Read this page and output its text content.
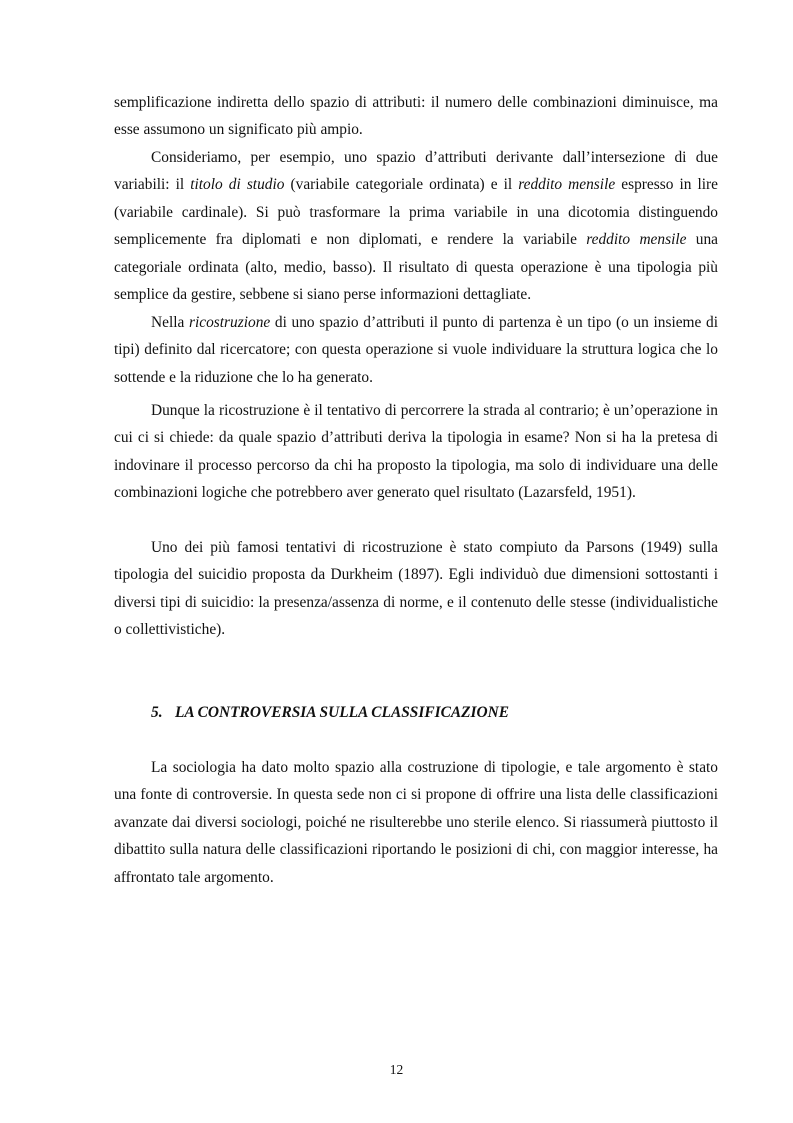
semplificazione indiretta dello spazio di attributi: il numero delle combinazioni diminuisce, ma esse assumono un significato più ampio.

Consideriamo, per esempio, uno spazio d’attributi derivante dall’intersezione di due variabili: il titolo di studio (variabile categoriale ordinata) e il reddito mensile espresso in lire (variabile cardinale). Si può trasformare la prima variabile in una dicotomia distinguendo semplicemente fra diplomati e non diplomati, e rendere la variabile reddito mensile una categoriale ordinata (alto, medio, basso). Il risultato di questa operazione è una tipologia più semplice da gestire, sebbene si siano perse informazioni dettagliate.

Nella ricostruzione di uno spazio d’attributi il punto di partenza è un tipo (o un insieme di tipi) definito dal ricercatore; con questa operazione si vuole individuare la struttura logica che lo sottende e la riduzione che lo ha generato.

Dunque la ricostruzione è il tentativo di percorrere la strada al contrario; è un’operazione in cui ci si chiede: da quale spazio d’attributi deriva la tipologia in esame? Non si ha la pretesa di indovinare il processo percorso da chi ha proposto la tipologia, ma solo di individuare una delle combinazioni logiche che potrebbero aver generato quel risultato (Lazarsfeld, 1951).

Uno dei più famosi tentativi di ricostruzione è stato compiuto da Parsons (1949) sulla tipologia del suicidio proposta da Durkheim (1897). Egli individuò due dimensioni sottostanti i diversi tipi di suicidio: la presenza/assenza di norme, e il contenuto delle stesse (individualistiche o collettivistiche).

5. LA CONTROVERSIA SULLA CLASSIFICAZIONE

La sociologia ha dato molto spazio alla costruzione di tipologie, e tale argomento è stato una fonte di controversie. In questa sede non ci si propone di offrire una lista delle classificazioni avanzate dai diversi sociologi, poiché ne risulterebbe uno sterile elenco. Si riassumerà piuttosto il dibattito sulla natura delle classificazioni riportando le posizioni di chi, con maggior interesse, ha affrontato tale argomento.

12
